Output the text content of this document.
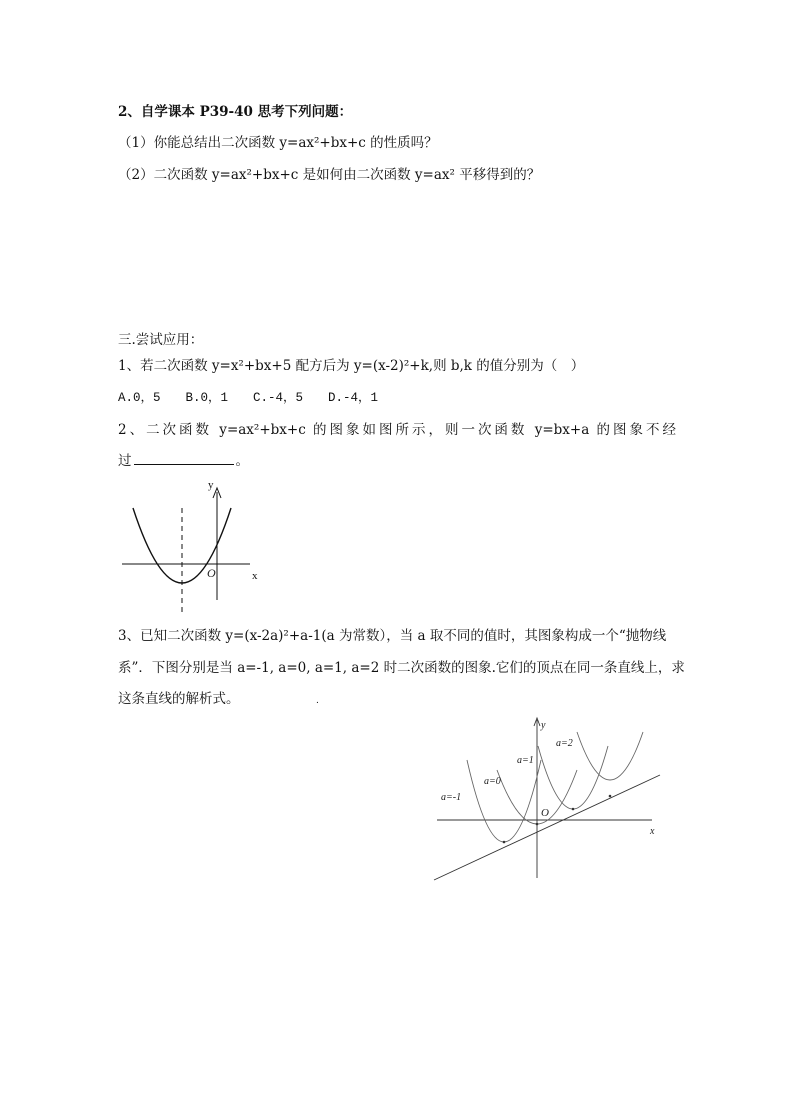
2、自学课本 P39-40 思考下列问题：
（1）你能总结出二次函数 y=ax²+bx+c 的性质吗？
（2）二次函数 y=ax²+bx+c 是如何由二次函数 y=ax² 平移得到的？
三.尝试应用：
1、若二次函数 y=x²+bx+5 配方后为 y=(x-2)²+k,则 b,k 的值分别为（　）
A.0，5　　B.0，1　　C.-4，5　　D.-4，1
2、二次函数 y=ax²+bx+c 的图象如图所示，则一次函数 y=bx+a 的图象不经
过	。
y
x
O
3、已知二次函数 y=(x-2a)²+a-1(a 为常数），当 a 取不同的值时，其图象构成一个“抛物线
系”．下图分别是当 a=-1, a=0, a=1, a=2 时二次函数的图象.它们的顶点在同一条直线上，求
这条直线的解析式。	.
a=-1
a=0
a=1
a=2
y
x
O
